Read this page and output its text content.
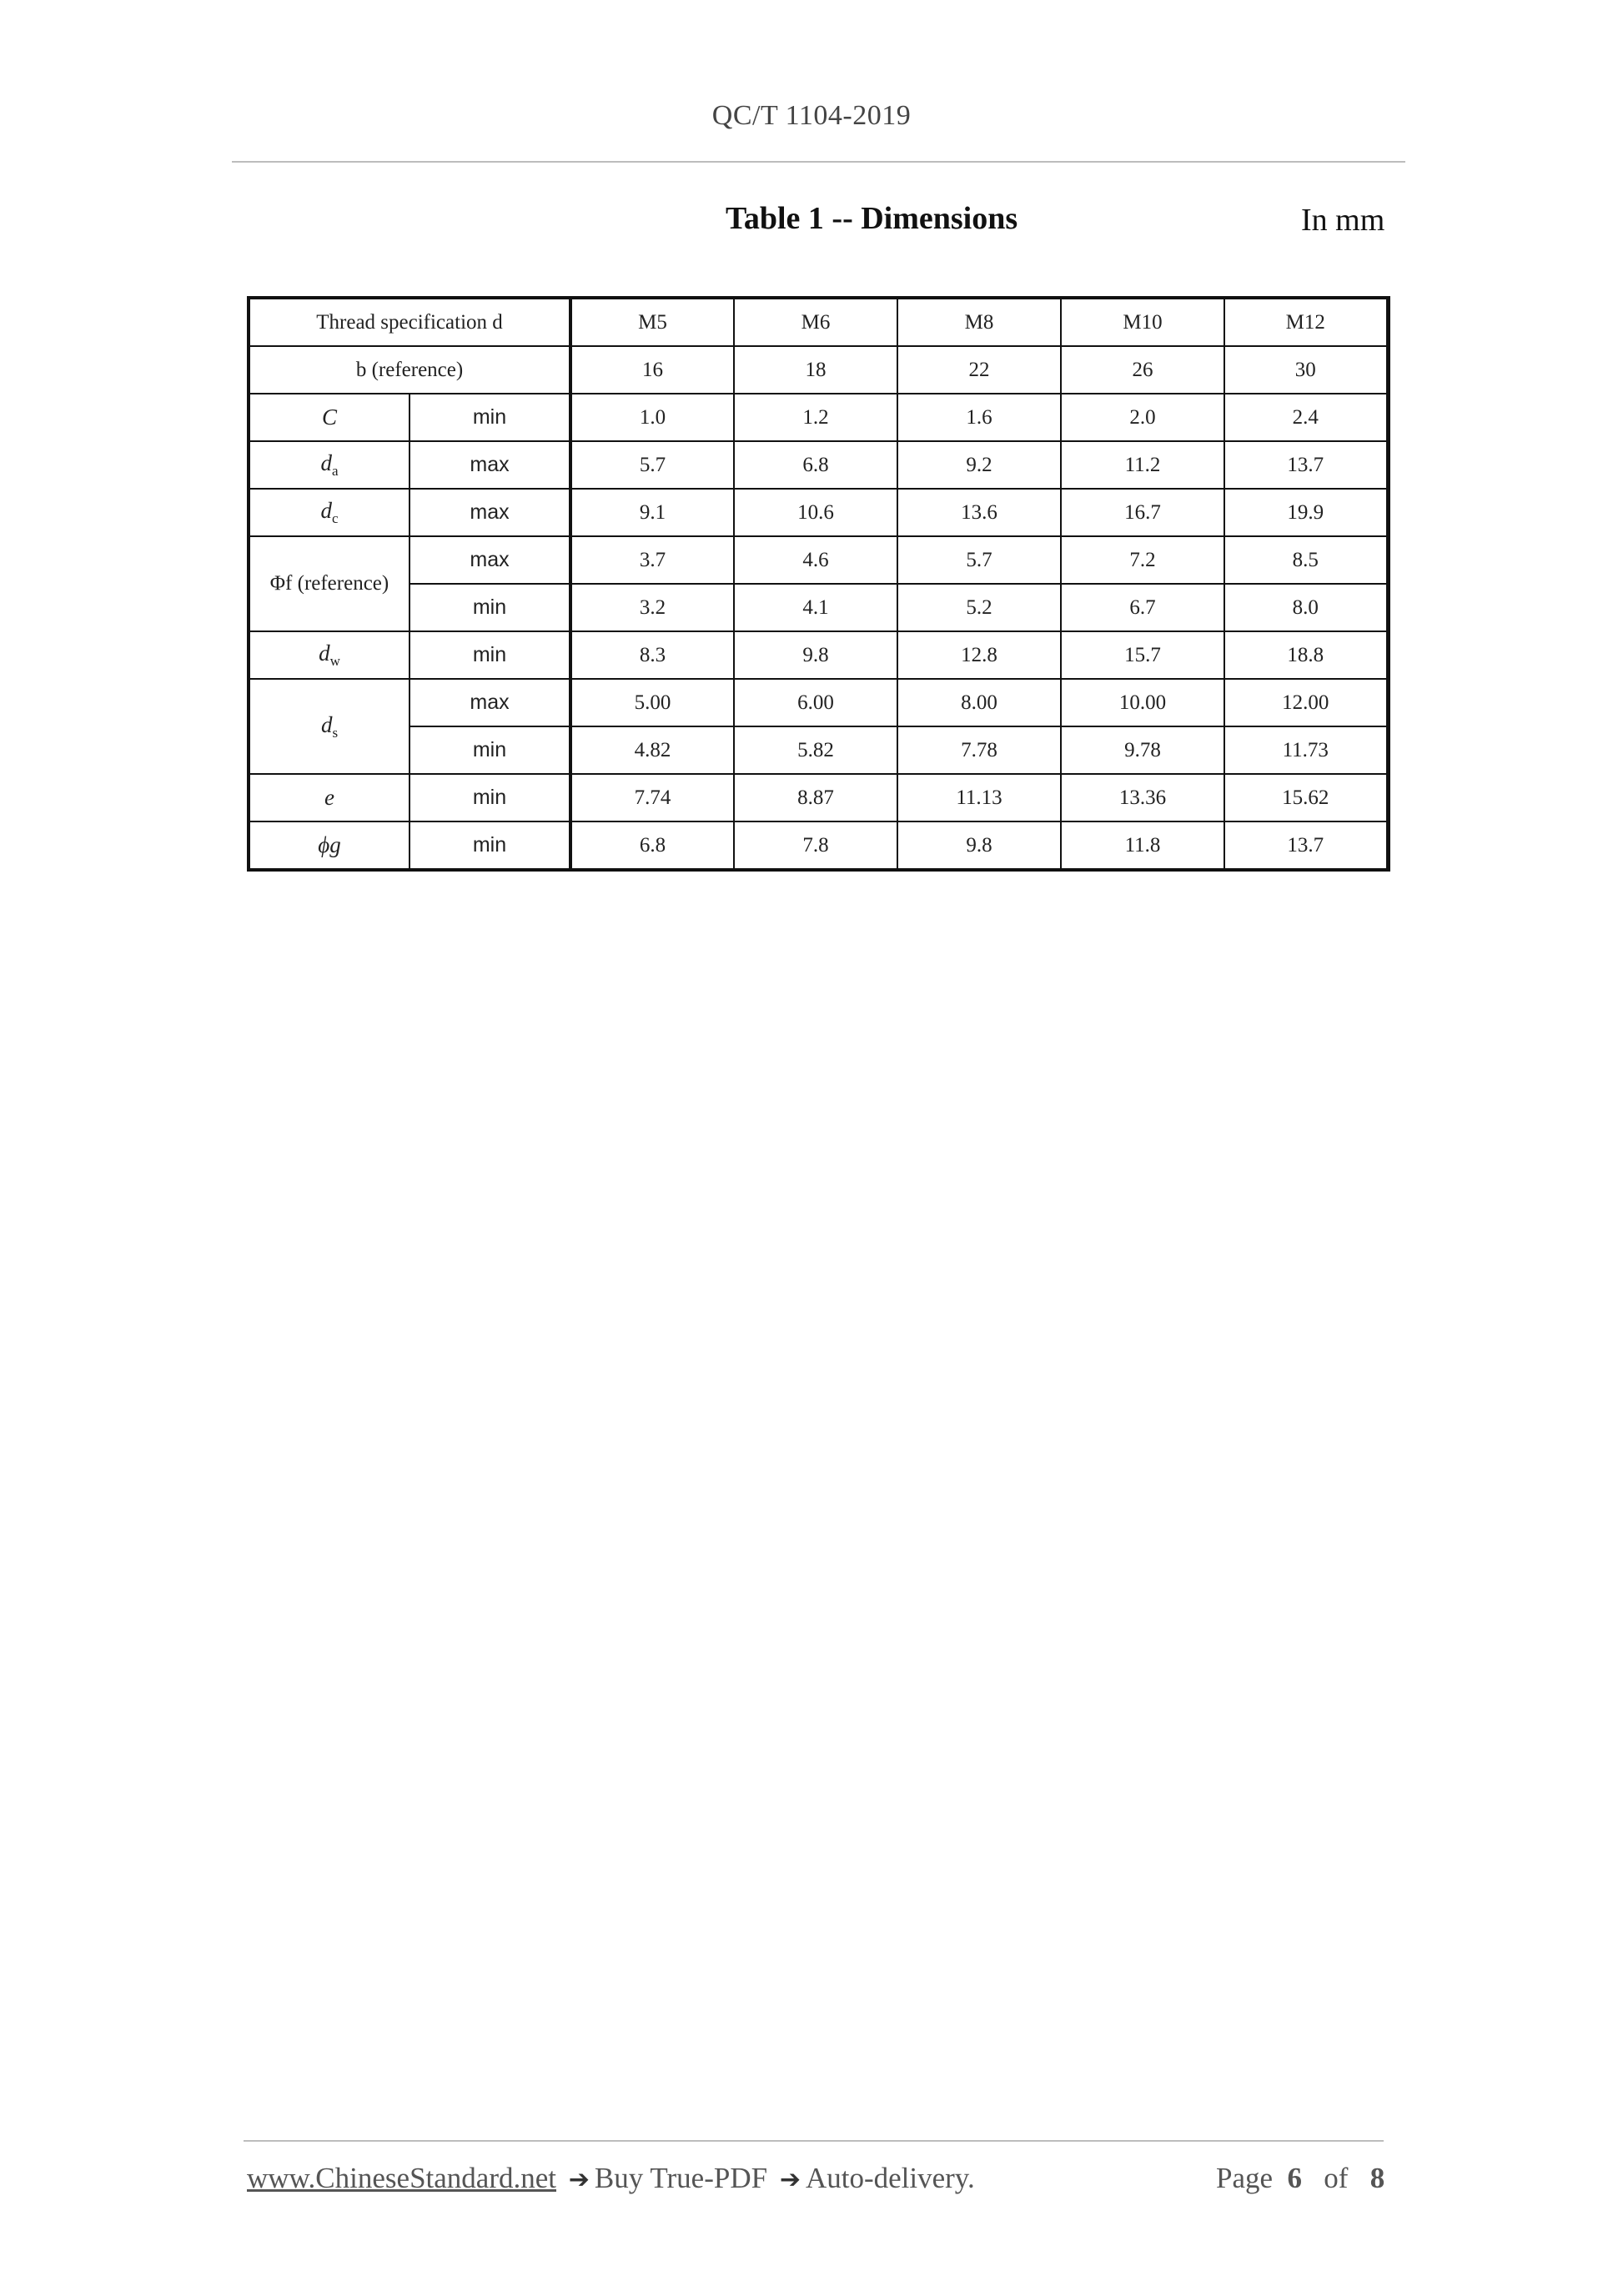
QC/T 1104-2019
Table 1 -- Dimensions	In mm
Thread specification d		M5	M6	M8	M10	M12
b (reference)		16	18	22	26	30
C	min	1.0	1.2	1.6	2.0	2.4
$d_a$	max	5.7	6.8	9.2	11.2	13.7
$d_c$	max	9.1	10.6	13.6	16.7	19.9
Φf (reference)	max	3.7	4.6	5.7	7.2	8.5
	min	3.2	4.1	5.2	6.7	8.0
$d_w$	min	8.3	9.8	12.8	15.7	18.8
$d_s$	max	5.00	6.00	8.00	10.00	12.00
	min	4.82	5.82	7.78	9.78	11.73
e	min	7.74	8.87	11.13	13.36	15.62
ϕg	min	6.8	7.8	9.8	11.8	13.7
www.ChineseStandard.net ➔ Buy True-PDF ➔ Auto-delivery.	Page 6 of 8
